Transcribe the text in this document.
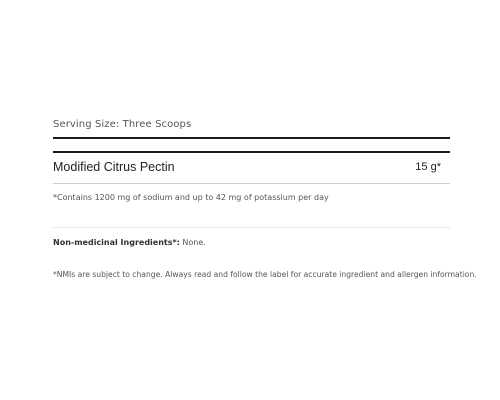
Serving Size: Three Scoops
Modified Citrus Pectin	15 g*
*Contains 1200 mg of sodium and up to 42 mg of potassium per day
Non-medicinal Ingredients*: None.
*NMIs are subject to change. Always read and follow the label for accurate ingredient and allergen information.
